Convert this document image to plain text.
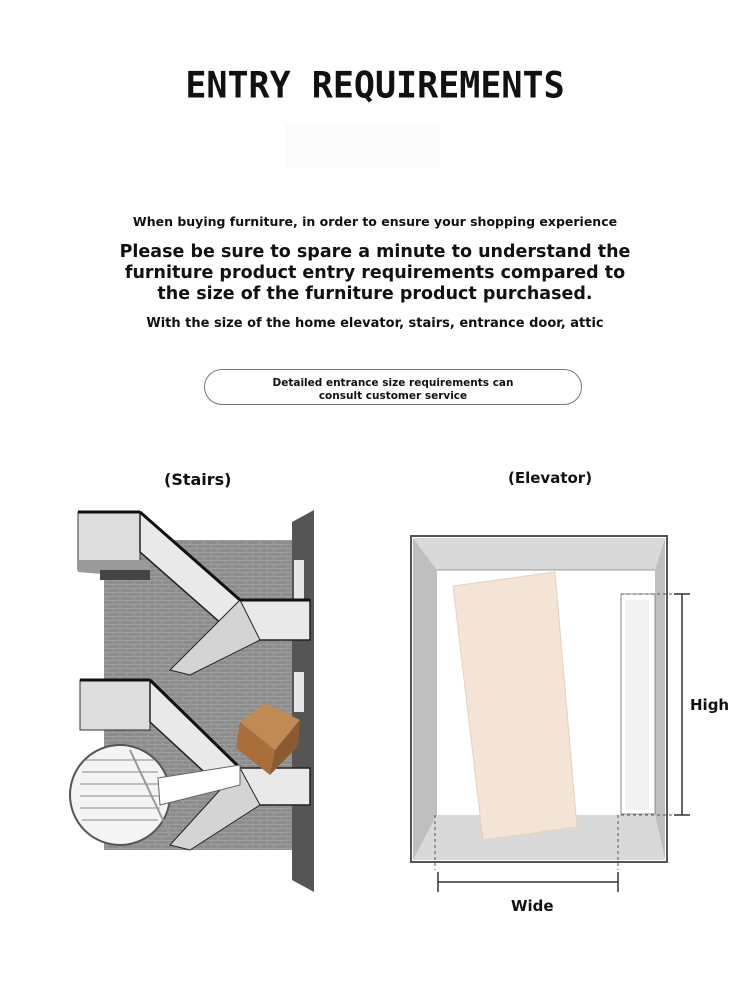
ENTRY REQUIREMENTS
When buying furniture, in order to ensure your shopping experience
Please be sure to spare a minute to understand the
furniture product entry requirements compared to
the size of the furniture product purchased.
With the size of the home elevator, stairs, entrance door, attic
Detailed entrance size requirements can
consult customer service
(Stairs)	(Elevator)
High
Wide
